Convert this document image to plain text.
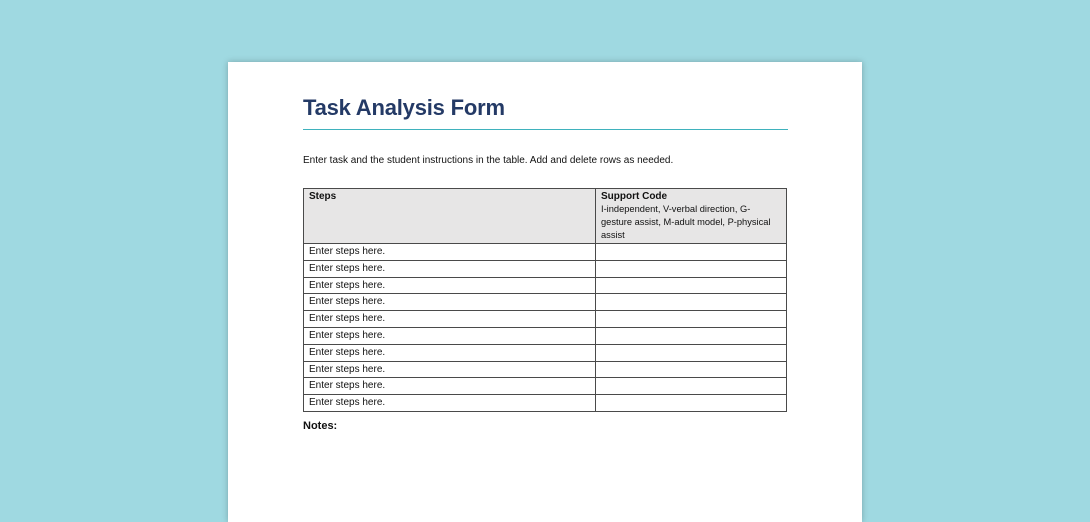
Task Analysis Form
Enter task and the student instructions in the table. Add and delete rows as needed.
Steps	Support Code
I-independent, V-verbal direction, G-gesture assist, M-adult model, P-physical assist

Enter steps here.	
Enter steps here.	
Enter steps here.	
Enter steps here.	
Enter steps here.	
Enter steps here.	
Enter steps here.	
Enter steps here.	
Enter steps here.	
Enter steps here.	
Notes:
